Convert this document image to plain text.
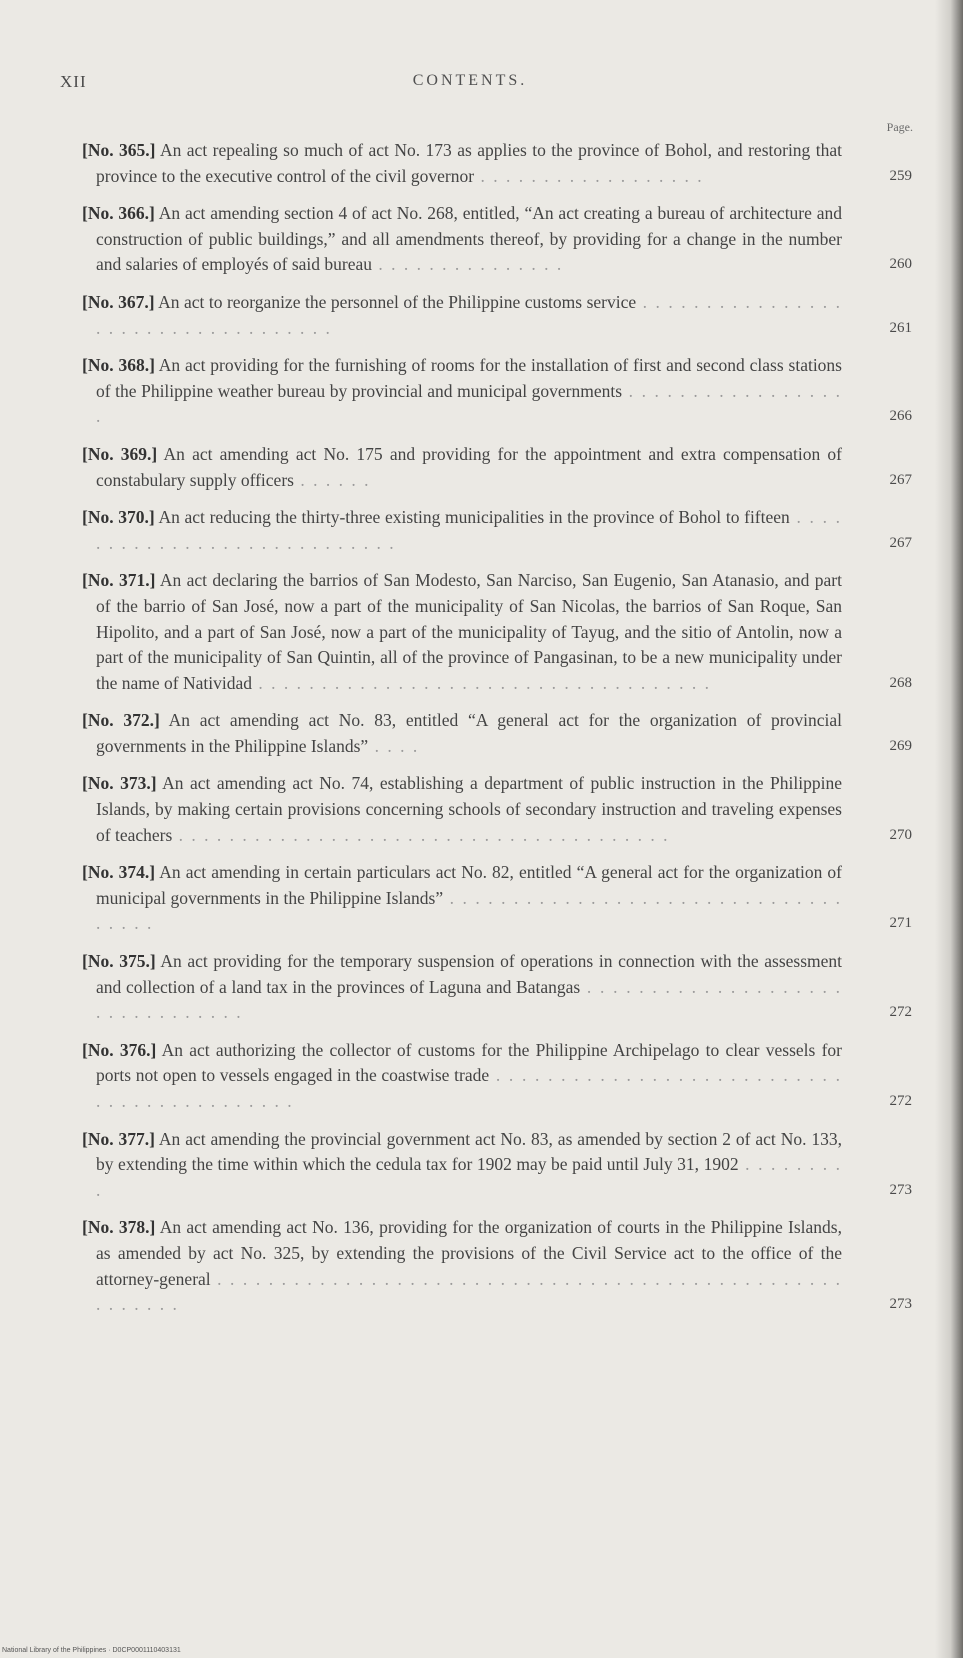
XII	CONTENTS.
Page.
[No. 365.] An act repealing so much of act No. 173 as applies to the province of Bohol, and restoring that province to the executive control of the civil governor . . . . . . . . . . . . . . . . . .	259
[No. 366.] An act amending section 4 of act No. 268, entitled, “An act creating a bureau of architecture and construction of public buildings,” and all amendments thereof, by providing for a change in the number and salaries of employés of said bureau . . . . . . . . . . . . . . .	260
[No. 367.] An act to reorganize the personnel of the Philippine customs service . . . . . . . . . . . . . . . . . . . . . . . . . . . . . . . . . . .	261
[No. 368.] An act providing for the furnishing of rooms for the installation of first and second class stations of the Philippine weather bureau by provincial and municipal governments . . . . . . . . . . . . . . . . . .	266
[No. 369.] An act amending act No. 175 and providing for the appointment and extra compensation of constabulary supply officers . . . . . .	267
[No. 370.] An act reducing the thirty-three existing municipalities in the province of Bohol to fifteen . . . . . . . . . . . . . . . . . . . . . . . . . . . .	267
[No. 371.] An act declaring the barrios of San Modesto, San Narciso, San Eugenio, San Atanasio, and part of the barrio of San José, now a part of the municipality of San Nicolas, the barrios of San Roque, San Hipolito, and a part of San José, now a part of the municipality of Tayug, and the sitio of Antolin, now a part of the municipality of San Quintin, all of the province of Pangasinan, to be a new municipality under the name of Natividad . . . . . . . . . . . . . . . . . . . . . . . . . . . . . . . . . . . .	268
[No. 372.] An act amending act No. 83, entitled “A general act for the organization of provincial governments in the Philippine Islands” . . . .	269
[No. 373.] An act amending act No. 74, establishing a department of public instruction in the Philippine Islands, by making certain provisions concerning schools of secondary instruction and traveling expenses of teachers . . . . . . . . . . . . . . . . . . . . . . . . . . . . . . . . . . . . . . .	270
[No. 374.] An act amending in certain particulars act No. 82, entitled “A general act for the organization of municipal governments in the Philippine Islands” . . . . . . . . . . . . . . . . . . . . . . . . . . . . . . . . . . . .	271
[No. 375.] An act providing for the temporary suspension of operations in connection with the assessment and collection of a land tax in the provinces of Laguna and Batangas . . . . . . . . . . . . . . . . . . . . . . . . . . . . . . . .	272
[No. 376.] An act authorizing the collector of customs for the Philippine Archipelago to clear vessels for ports not open to vessels engaged in the coastwise trade . . . . . . . . . . . . . . . . . . . . . . . . . . . . . . . . . . . . . . . . . . .	272
[No. 377.] An act amending the provincial government act No. 83, as amended by section 2 of act No. 133, by extending the time within which the cedula tax for 1902 may be paid until July 31, 1902 . . . . . . . . .	273
[No. 378.] An act amending act No. 136, providing for the organization of courts in the Philippine Islands, as amended by act No. 325, by extending the provisions of the Civil Service act to the office of the attorney-general . . . . . . . . . . . . . . . . . . . . . . . . . . . . . . . . . . . . . . . . . . . . . . . . . . . . . . . .	273
National Library of the Philippines · D0CP0001110403131
